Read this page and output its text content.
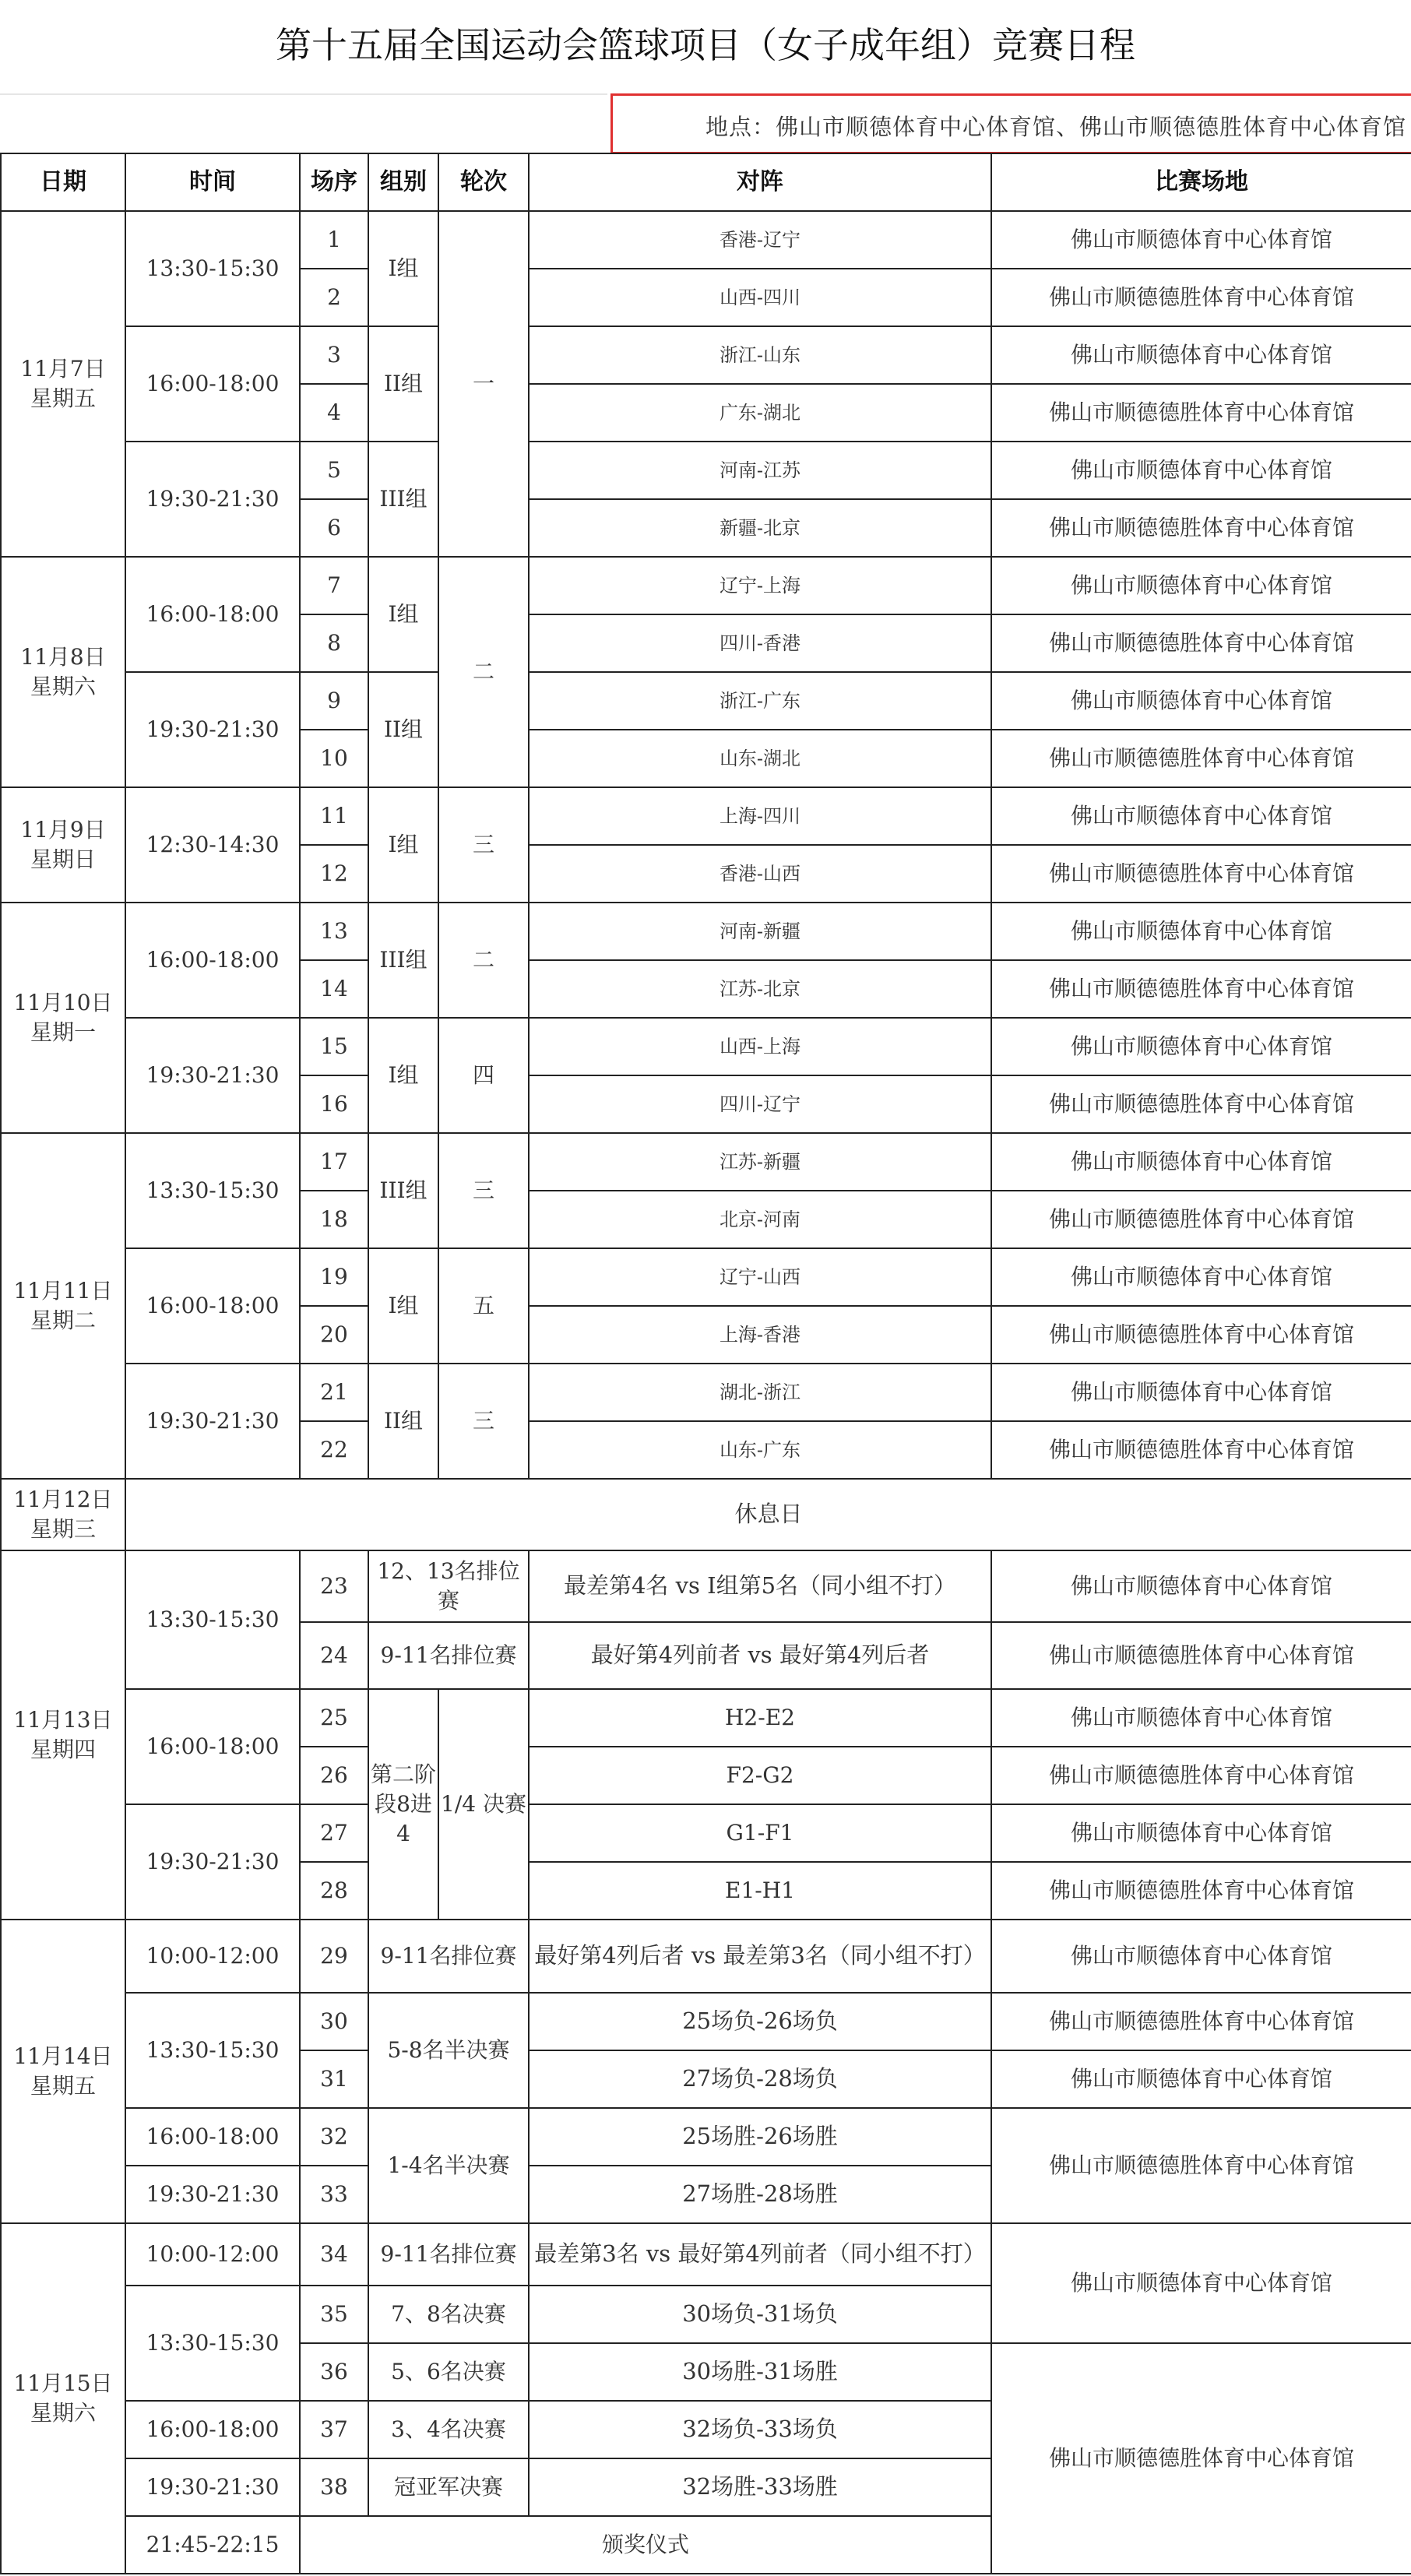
第十五届全国运动会篮球项目（女子成年组）竞赛日程
地点：佛山市顺德体育中心体育馆、佛山市顺德德胜体育中心体育馆
日期	时间	场序	组别	轮次	对阵	比赛场地
11月7日
星期五	13:30-15:30	1	I组	一	香港-辽宁	佛山市顺德体育中心体育馆
		2			山西-四川	佛山市顺德德胜体育中心体育馆
	16:00-18:00	3	II组		浙江-山东	佛山市顺德体育中心体育馆
		4			广东-湖北	佛山市顺德德胜体育中心体育馆
	19:30-21:30	5	III组		河南-江苏	佛山市顺德体育中心体育馆
		6			新疆-北京	佛山市顺德德胜体育中心体育馆
11月8日
星期六	16:00-18:00	7	I组	二	辽宁-上海	佛山市顺德体育中心体育馆
		8			四川-香港	佛山市顺德德胜体育中心体育馆
	19:30-21:30	9	II组		浙江-广东	佛山市顺德体育中心体育馆
		10			山东-湖北	佛山市顺德德胜体育中心体育馆
11月9日
星期日	12:30-14:30	11	I组	三	上海-四川	佛山市顺德体育中心体育馆
		12			香港-山西	佛山市顺德德胜体育中心体育馆
11月10日
星期一	16:00-18:00	13	III组	二	河南-新疆	佛山市顺德体育中心体育馆
		14			江苏-北京	佛山市顺德德胜体育中心体育馆
	19:30-21:30	15	I组	四	山西-上海	佛山市顺德体育中心体育馆
		16			四川-辽宁	佛山市顺德德胜体育中心体育馆
11月11日
星期二	13:30-15:30	17	III组	三	江苏-新疆	佛山市顺德体育中心体育馆
		18			北京-河南	佛山市顺德德胜体育中心体育馆
	16:00-18:00	19	I组	五	辽宁-山西	佛山市顺德体育中心体育馆
		20			上海-香港	佛山市顺德德胜体育中心体育馆
	19:30-21:30	21	II组	三	湖北-浙江	佛山市顺德体育中心体育馆
		22			山东-广东	佛山市顺德德胜体育中心体育馆
11月12日
星期三	休息日					
11月13日
星期四	13:30-15:30	23	12、13名排位赛		最差第4名 vs I组第5名（同小组不打）	佛山市顺德体育中心体育馆
		24	9-11名排位赛		最好第4列前者 vs 最好第4列后者	佛山市顺德德胜体育中心体育馆
	16:00-18:00	25	第二阶段8进4	1/4 决赛	H2-E2	佛山市顺德体育中心体育馆
		26			F2-G2	佛山市顺德德胜体育中心体育馆
	19:30-21:30	27			G1-F1	佛山市顺德体育中心体育馆
		28			E1-H1	佛山市顺德德胜体育中心体育馆
11月14日
星期五	10:00-12:00	29	9-11名排位赛		最好第4列后者 vs 最差第3名（同小组不打）	佛山市顺德体育中心体育馆
	13:30-15:30	30	5-8名半决赛		25场负-26场负	佛山市顺德德胜体育中心体育馆
		31			27场负-28场负	佛山市顺德体育中心体育馆
	16:00-18:00	32	1-4名半决赛		25场胜-26场胜	佛山市顺德德胜体育中心体育馆
	19:30-21:30	33			27场胜-28场胜	
11月15日
星期六	10:00-12:00	34	9-11名排位赛		最差第3名 vs 最好第4列前者（同小组不打）	佛山市顺德体育中心体育馆
	13:30-15:30	35	7、8名决赛		30场负-31场负	
		36	5、6名决赛		30场胜-31场胜	佛山市顺德德胜体育中心体育馆
	16:00-18:00	37	3、4名决赛		32场负-33场负	
	19:30-21:30	38	冠亚军决赛		32场胜-33场胜	
	21:45-22:15	颁奖仪式				
